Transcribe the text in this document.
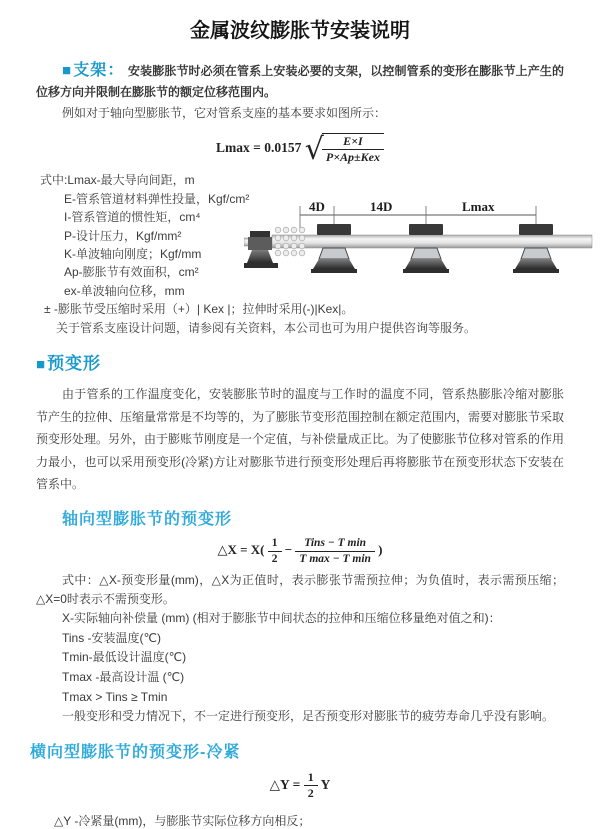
金属波纹膨胀节安装说明

■支架： 安装膨胀节时必须在管系上安装必要的支架，以控制管系的变形在膨胀节上产生的位移方向并限制在膨胀节的额定位移范围内。

例如对于轴向型膨胀节，它对管系支座的基本要求如图所示：

Lmax = 0.0157 √
$\frac{E\times I}{\text{P×Ap±Kex}}$
式中:Lmax-最大导向间距，m
E-管系管道材料弹性投量，Kgf/cm²
I-管系管道的惯性矩，cm⁴
P-设计压力，Kgf/mm²
K-单波轴向刚度；Kgf/mm
Ap-膨胀节有效面积，cm²
ex-单波轴向位移，mm
± -膨胀节受压缩时采用（+）| Kex |；拉伸时采用(-)|Kex|。
关于管系支座设计问题，请参阅有关资料，本公司也可为用户提供咨询等服务。
4D	14D	Lmax
■预变形

由于管系的工作温度变化，安装膨胀节时的温度与工作时的温度不同，管系热膨胀冷缩对膨胀节产生的拉伸、压缩量常常是不均等的，为了膨胀节变形范围控制在额定范围内，需要对膨胀节采取预变形处理。另外，由于膨账节刚度是一个定值，与补偿量成正比。为了使膨胀节位移对管系的作用力最小，也可以采用预变形(冷紧)方让对膨胀节进行预变形处理后再将膨胀节在预变形状态下安装在管系中。

轴向型膨胀节的预变形
△X = $X( \frac{1}{2} - \frac{\text{Tins − T min}}{\text{T max − T min}}$ )

式中：△X-预变形量(mm)，△X为正值时，表示膨张节需预拉伸；为负值时，表示需预压缩；△X=0时表示不需预变形。

X-实际轴向补偿量 (mm) (相对于膨胀节中间状态的拉伸和压缩位移量绝对值之和)：
Tins -安装温度(℃)
Tmin-最低设计温度(℃)
Tmax -最高设计温 (℃)
Tmax > Tins ≥ Tmin
一般变形和受力情况下，不一定进行预变形，足否预变形对膨胀节的疲劳寿命几乎没有影响。
横向型膨胀节的预变形-冷紧
△Y = $\frac{1}{2}$ Y

△Y -冷紧量(mm)，与膨胀节实际位移方向相反；
